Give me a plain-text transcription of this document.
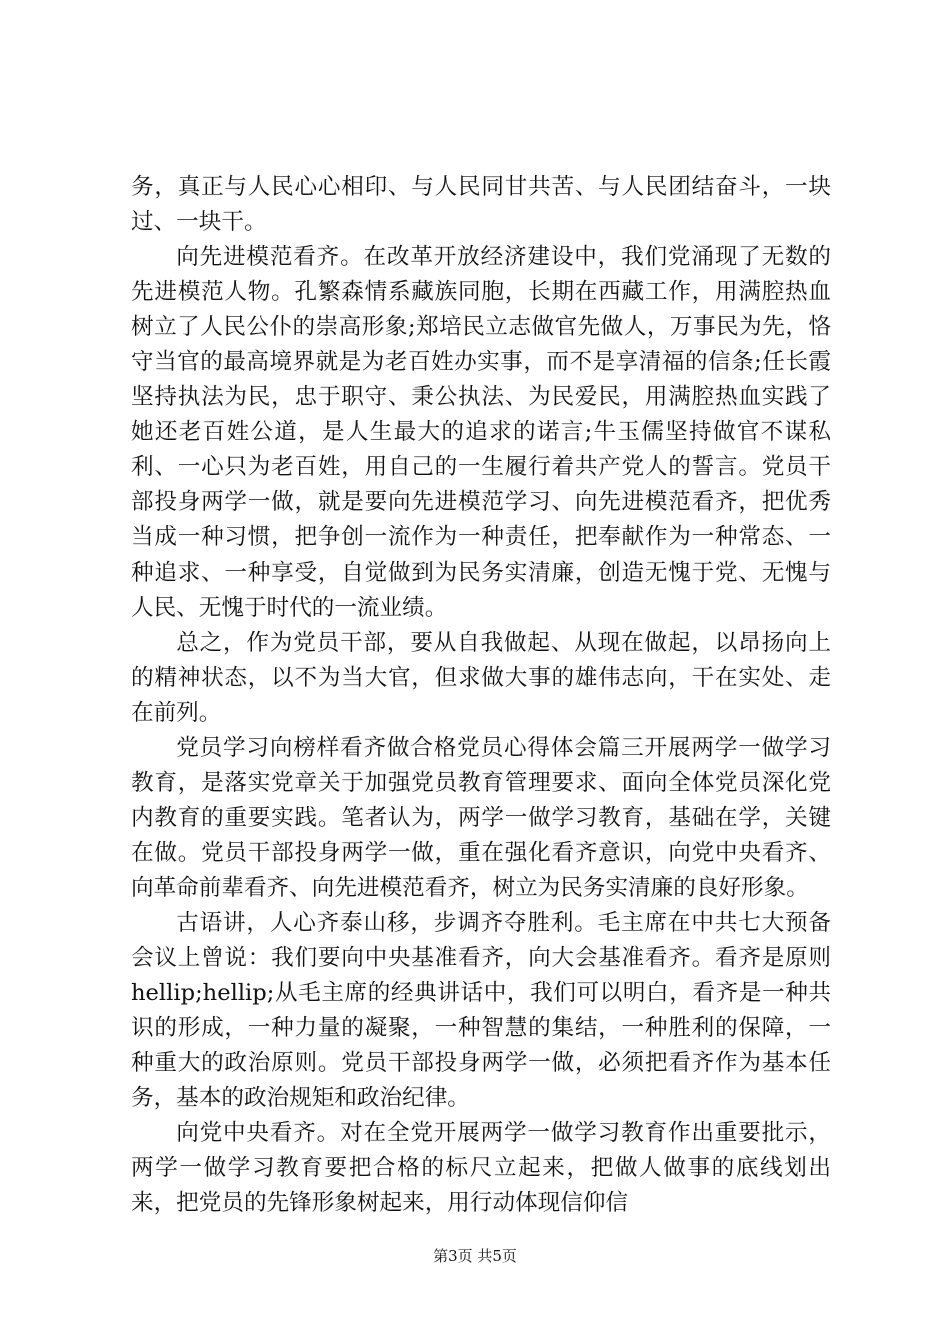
务，真正与人民心心相印、与人民同甘共苦、与人民团结奋斗，一块过、一块干。

向先进模范看齐。在改革开放经济建设中，我们党涌现了无数的先进模范人物。孔繁森情系藏族同胞，长期在西藏工作，用满腔热血树立了人民公仆的崇高形象;郑培民立志做官先做人，万事民为先，恪守当官的最高境界就是为老百姓办实事，而不是享清福的信条;任长霞坚持执法为民，忠于职守、秉公执法、为民爱民，用满腔热血实践了她还老百姓公道，是人生最大的追求的诺言;牛玉儒坚持做官不谋私利、一心只为老百姓，用自己的一生履行着共产党人的誓言。党员干部投身两学一做，就是要向先进模范学习、向先进模范看齐，把优秀当成一种习惯，把争创一流作为一种责任，把奉献作为一种常态、一种追求、一种享受，自觉做到为民务实清廉，创造无愧于党、无愧与人民、无愧于时代的一流业绩。

总之，作为党员干部，要从自我做起、从现在做起，以昂扬向上的精神状态，以不为当大官，但求做大事的雄伟志向，干在实处、走在前列。

党员学习向榜样看齐做合格党员心得体会篇三开展两学一做学习教育，是落实党章关于加强党员教育管理要求、面向全体党员深化党内教育的重要实践。笔者认为，两学一做学习教育，基础在学，关键在做。党员干部投身两学一做，重在强化看齐意识，向党中央看齐、向革命前辈看齐、向先进模范看齐，树立为民务实清廉的良好形象。

古语讲，人心齐泰山移，步调齐夺胜利。毛主席在中共七大预备会议上曾说：我们要向中央基准看齐，向大会基准看齐。看齐是原则hellip;hellip;从毛主席的经典讲话中，我们可以明白，看齐是一种共识的形成，一种力量的凝聚，一种智慧的集结，一种胜利的保障，一种重大的政治原则。党员干部投身两学一做，必须把看齐作为基本任务，基本的政治规矩和政治纪律。

向党中央看齐。对在全党开展两学一做学习教育作出重要批示，两学一做学习教育要把合格的标尺立起来，把做人做事的底线划出来，把党员的先锋形象树起来，用行动体现信仰信

第3页 共5页
